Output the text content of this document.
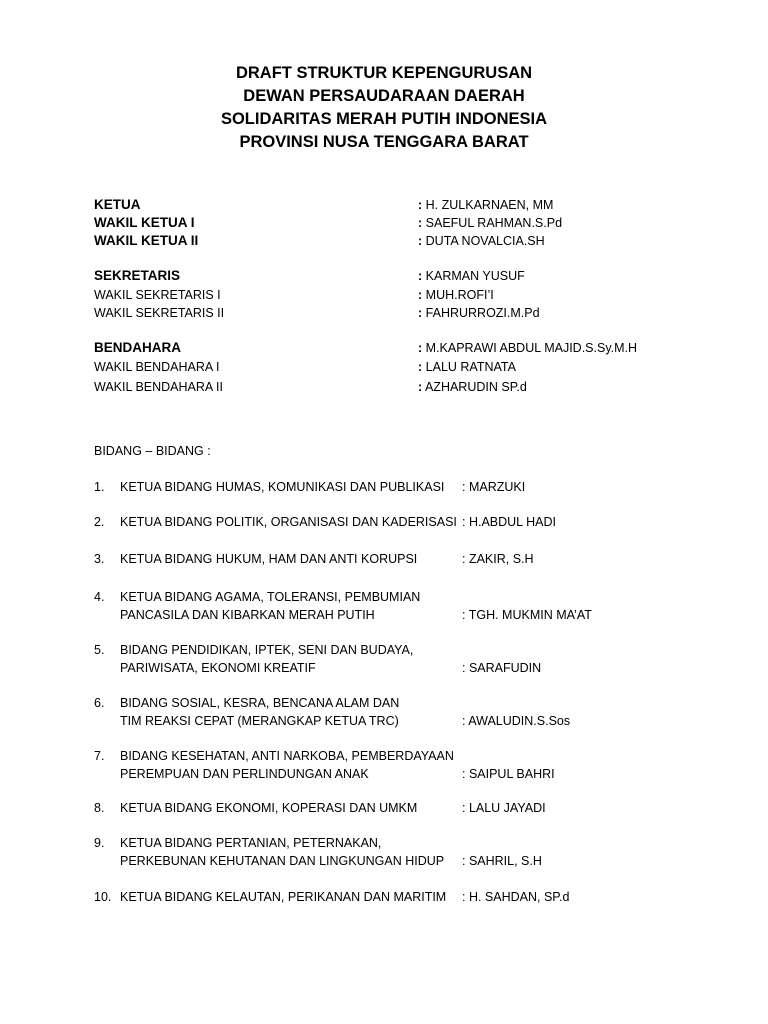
DRAFT STRUKTUR KEPENGURUSAN
DEWAN PERSAUDARAAN DAERAH
SOLIDARITAS MERAH PUTIH INDONESIA
PROVINSI NUSA TENGGARA BARAT
KETUA	: H. ZULKARNAEN, MM
WAKIL KETUA I	: SAEFUL RAHMAN.S.Pd
WAKIL KETUA II	: DUTA NOVALCIA.SH
SEKRETARIS	: KARMAN YUSUF
WAKIL SEKRETARIS I	: MUH.ROFI’I
WAKIL SEKRETARIS II	: FAHRURROZI.M.Pd
BENDAHARA	: M.KAPRAWI ABDUL MAJID.S.Sy.M.H
WAKIL BENDAHARA I	: LALU RATNATA
WAKIL BENDAHARA II	: AZHARUDIN SP.d
BIDANG – BIDANG :
1. KETUA BIDANG HUMAS, KOMUNIKASI DAN PUBLIKASI : MARZUKI
2. KETUA BIDANG POLITIK, ORGANISASI DAN KADERISASI : H.ABDUL HADI
3. KETUA BIDANG HUKUM, HAM DAN ANTI KORUPSI	: ZAKIR, S.H
4. KETUA BIDANG AGAMA, TOLERANSI, PEMBUMIAN
PANCASILA DAN KIBARKAN MERAH PUTIH	: TGH. MUKMIN MA’AT
5. BIDANG PENDIDIKAN, IPTEK, SENI DAN BUDAYA,
PARIWISATA, EKONOMI KREATIF	: SARAFUDIN
6. BIDANG SOSIAL, KESRA, BENCANA ALAM DAN
TIM REAKSI CEPAT (MERANGKAP KETUA TRC)	: AWALUDIN.S.Sos
7. BIDANG KESEHATAN, ANTI NARKOBA, PEMBERDAYAAN
PEREMPUAN DAN PERLINDUNGAN ANAK	: SAIPUL BAHRI
8. KETUA BIDANG EKONOMI, KOPERASI DAN UMKM	: LALU JAYADI
9. KETUA BIDANG PERTANIAN, PETERNAKAN,
PERKEBUNAN KEHUTANAN DAN LINGKUNGAN HIDUP : SAHRIL, S.H
10. KETUA BIDANG KELAUTAN, PERIKANAN DAN MARITIM : H. SAHDAN, SP.d
